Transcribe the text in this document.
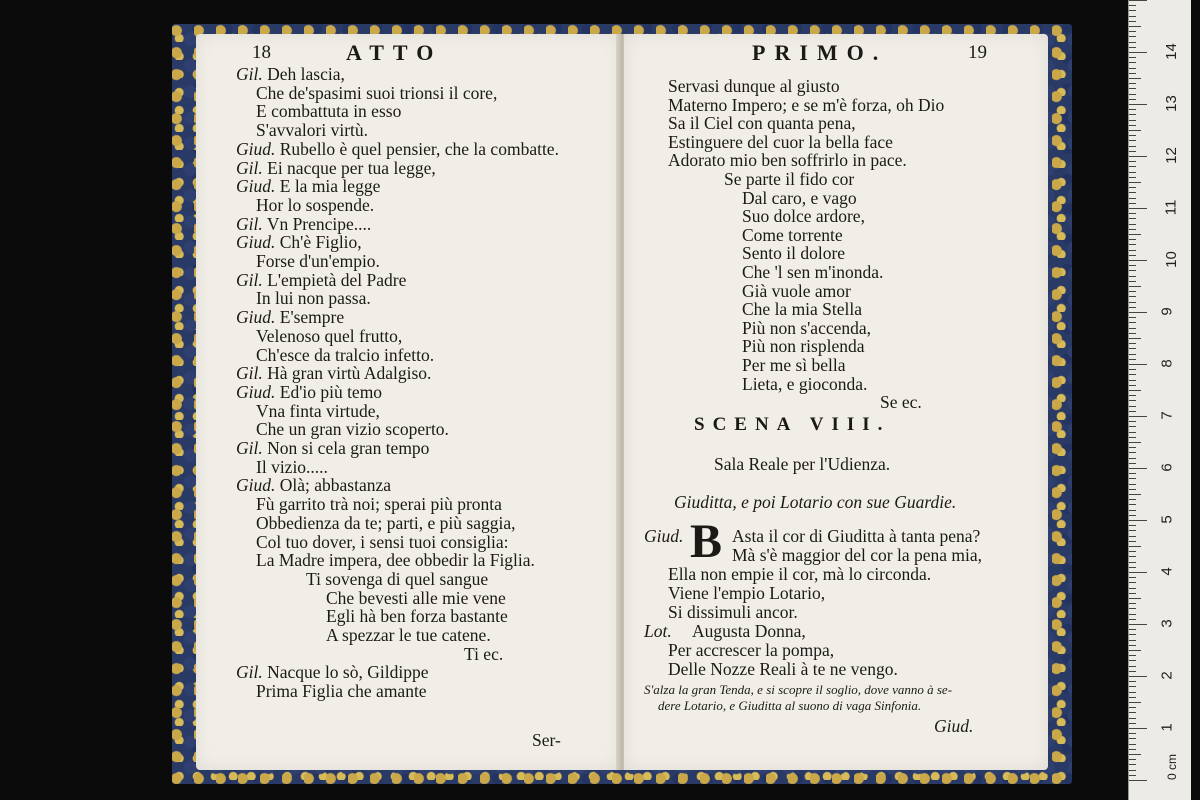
18	ATTO
Gil. Deh lascia,
Che de'spasimi suoi trionsi il core,
E combattuta in esso
S'avvalori virtù.
Giud. Rubello è quel pensier, che la combatte.
Gil. Ei nacque per tua legge,
Giud. E la mia legge
Hor lo sospende.
Gil. Vn Prencipe....
Giud. Ch'è Figlio,
Forse d'un'empio.
Gil. L'empietà del Padre
In lui non passa.
Giud. E'sempre
Velenoso quel frutto,
Ch'esce da tralcio infetto.
Gil. Hà gran virtù Adalgiso.
Giud. Ed'io più temo
Vna finta virtude,
Che un gran vizio scoperto.
Gil. Non si cela gran tempo
Il vizio.....
Giud. Olà; abbastanza
Fù garrito trà noi; sperai più pronta
Obbedienza da te; parti, e più saggia,
Col tuo dover, i sensi tuoi consiglia:
La Madre impera, dee obbedir la Figlia.
Ti sovenga di quel sangue
Che bevesti alle mie vene
Egli hà ben forza bastante
A spezzar le tue catene.
Ti ec.
Gil. Nacque lo sò, Gildippe
Prima Figlia che amante
Ser-
PRIMO.	19
Servasi dunque al giusto
Materno Impero; e se m'è forza, oh Dio
Sa il Ciel con quanta pena,
Estinguere del cuor la bella face
Adorato mio ben soffrirlo in pace.
Se parte il fido cor
Dal caro, e vago
Suo dolce ardore,
Come torrente
Sento il dolore
Che 'l sen m'inonda.
Già vuole amor
Che la mia Stella
Più non s'accenda,
Più non risplenda
Per me sì bella
Lieta, e gioconda.
Se ec.
SCENA VIII.
Sala Reale per l'Udienza.
Giuditta, e poi Lotario con sue Guardie.
Giud. B Asta il cor di Giuditta à tanta pena?
Mà s'è maggior del cor la pena mia,
Ella non empie il cor, mà lo circonda.
Viene l'empio Lotario,
Si dissimuli ancor.
Lot. Augusta Donna,
Per accrescer la pompa,
Delle Nozze Reali à te ne vengo.
S'alza la gran Tenda, e si scopre il soglio, dove vanno à se-
dere Lotario, e Giuditta al suono di vaga Sinfonia.
Giud.
0 cm
1
2
3
4
5
6
7
8
9
10
11
12
13
14
